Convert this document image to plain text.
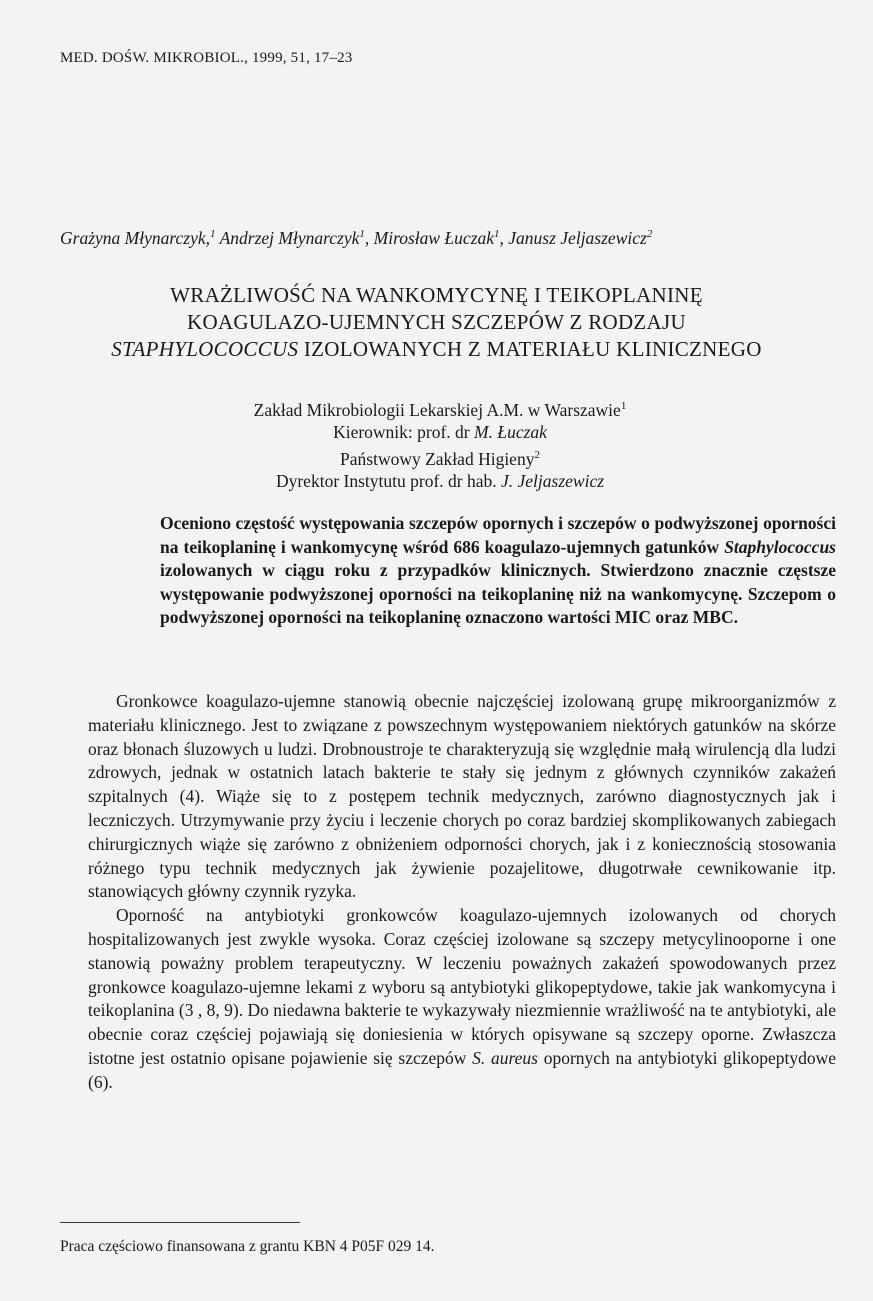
MED. DOŚW. MIKROBIOL., 1999, 51, 17–23
Grażyna Młynarczyk,$^1$ Andrzej Młynarczyk$^1$, Mirosław Łuczak$^1$, Janusz Jeljaszewicz$^2$
WRAŻLIWOŚĆ NA WANKOMYCYNĘ I TEIKOPLANINĘ
KOAGULAZO-UJEMNYCH SZCZEPÓW Z RODZAJU
STAPHYLOCOCCUS IZOLOWANYCH Z MATERIAŁU KLINICZNEGO
Zakład Mikrobiologii Lekarskiej A.M. w Warszawie$^1$
Kierownik: prof. dr M. Łuczak
Państwowy Zakład Higieny$^2$
Dyrektor Instytutu prof. dr hab. J. Jeljaszewicz
Oceniono częstość występowania szczepów opornych i szczepów o podwyższonej oporności na teikoplaninę i wankomycynę wśród 686 koagulazo-ujemnych gatunków Staphylococcus izolowanych w ciągu roku z przypadków klinicznych. Stwierdzono znacznie częstsze występowanie podwyższonej oporności na teikoplaninę niż na wankomycynę. Szczepom o podwyższonej oporności na teikoplaninę oznaczono wartości MIC oraz MBC.

Gronkowce koagulazo-ujemne stanowią obecnie najczęściej izolowaną grupę mikroorganizmów z materiału klinicznego. Jest to związane z powszechnym występowaniem niektórych gatunków na skórze oraz błonach śluzowych u ludzi. Drobnoustroje te charakteryzują się względnie małą wirulencją dla ludzi zdrowych, jednak w ostatnich latach bakterie te stały się jednym z głównych czynników zakażeń szpitalnych (4). Wiąże się to z postępem technik medycznych, zarówno diagnostycznych jak i leczniczych. Utrzymywanie przy życiu i leczenie chorych po coraz bardziej skomplikowanych zabiegach chirurgicznych wiąże się zarówno z obniżeniem odporności chorych, jak i z koniecznością stosowania różnego typu technik medycznych jak żywienie pozajelitowe, długotrwałe cewnikowanie itp. stanowiących główny czynnik ryzyka.

Oporność na antybiotyki gronkowców koagulazo-ujemnych izolowanych od chorych hospitalizowanych jest zwykle wysoka. Coraz częściej izolowane są szczepy metycylinooporne i one stanowią poważny problem terapeutyczny. W leczeniu poważnych zakażeń spowodowanych przez gronkowce koagulazo-ujemne lekami z wyboru są antybiotyki glikopeptydowe, takie jak wankomycyna i teikoplanina (3 , 8, 9). Do niedawna bakterie te wykazywały niezmiennie wrażliwość na te antybiotyki, ale obecnie coraz częściej pojawiają się doniesienia w których opisywane są szczepy oporne. Zwłaszcza istotne jest ostatnio opisane pojawienie się szczepów S. aureus opornych na antybiotyki glikopeptydowe (6).

Praca częściowo finansowana z grantu KBN 4 P05F 029 14.
